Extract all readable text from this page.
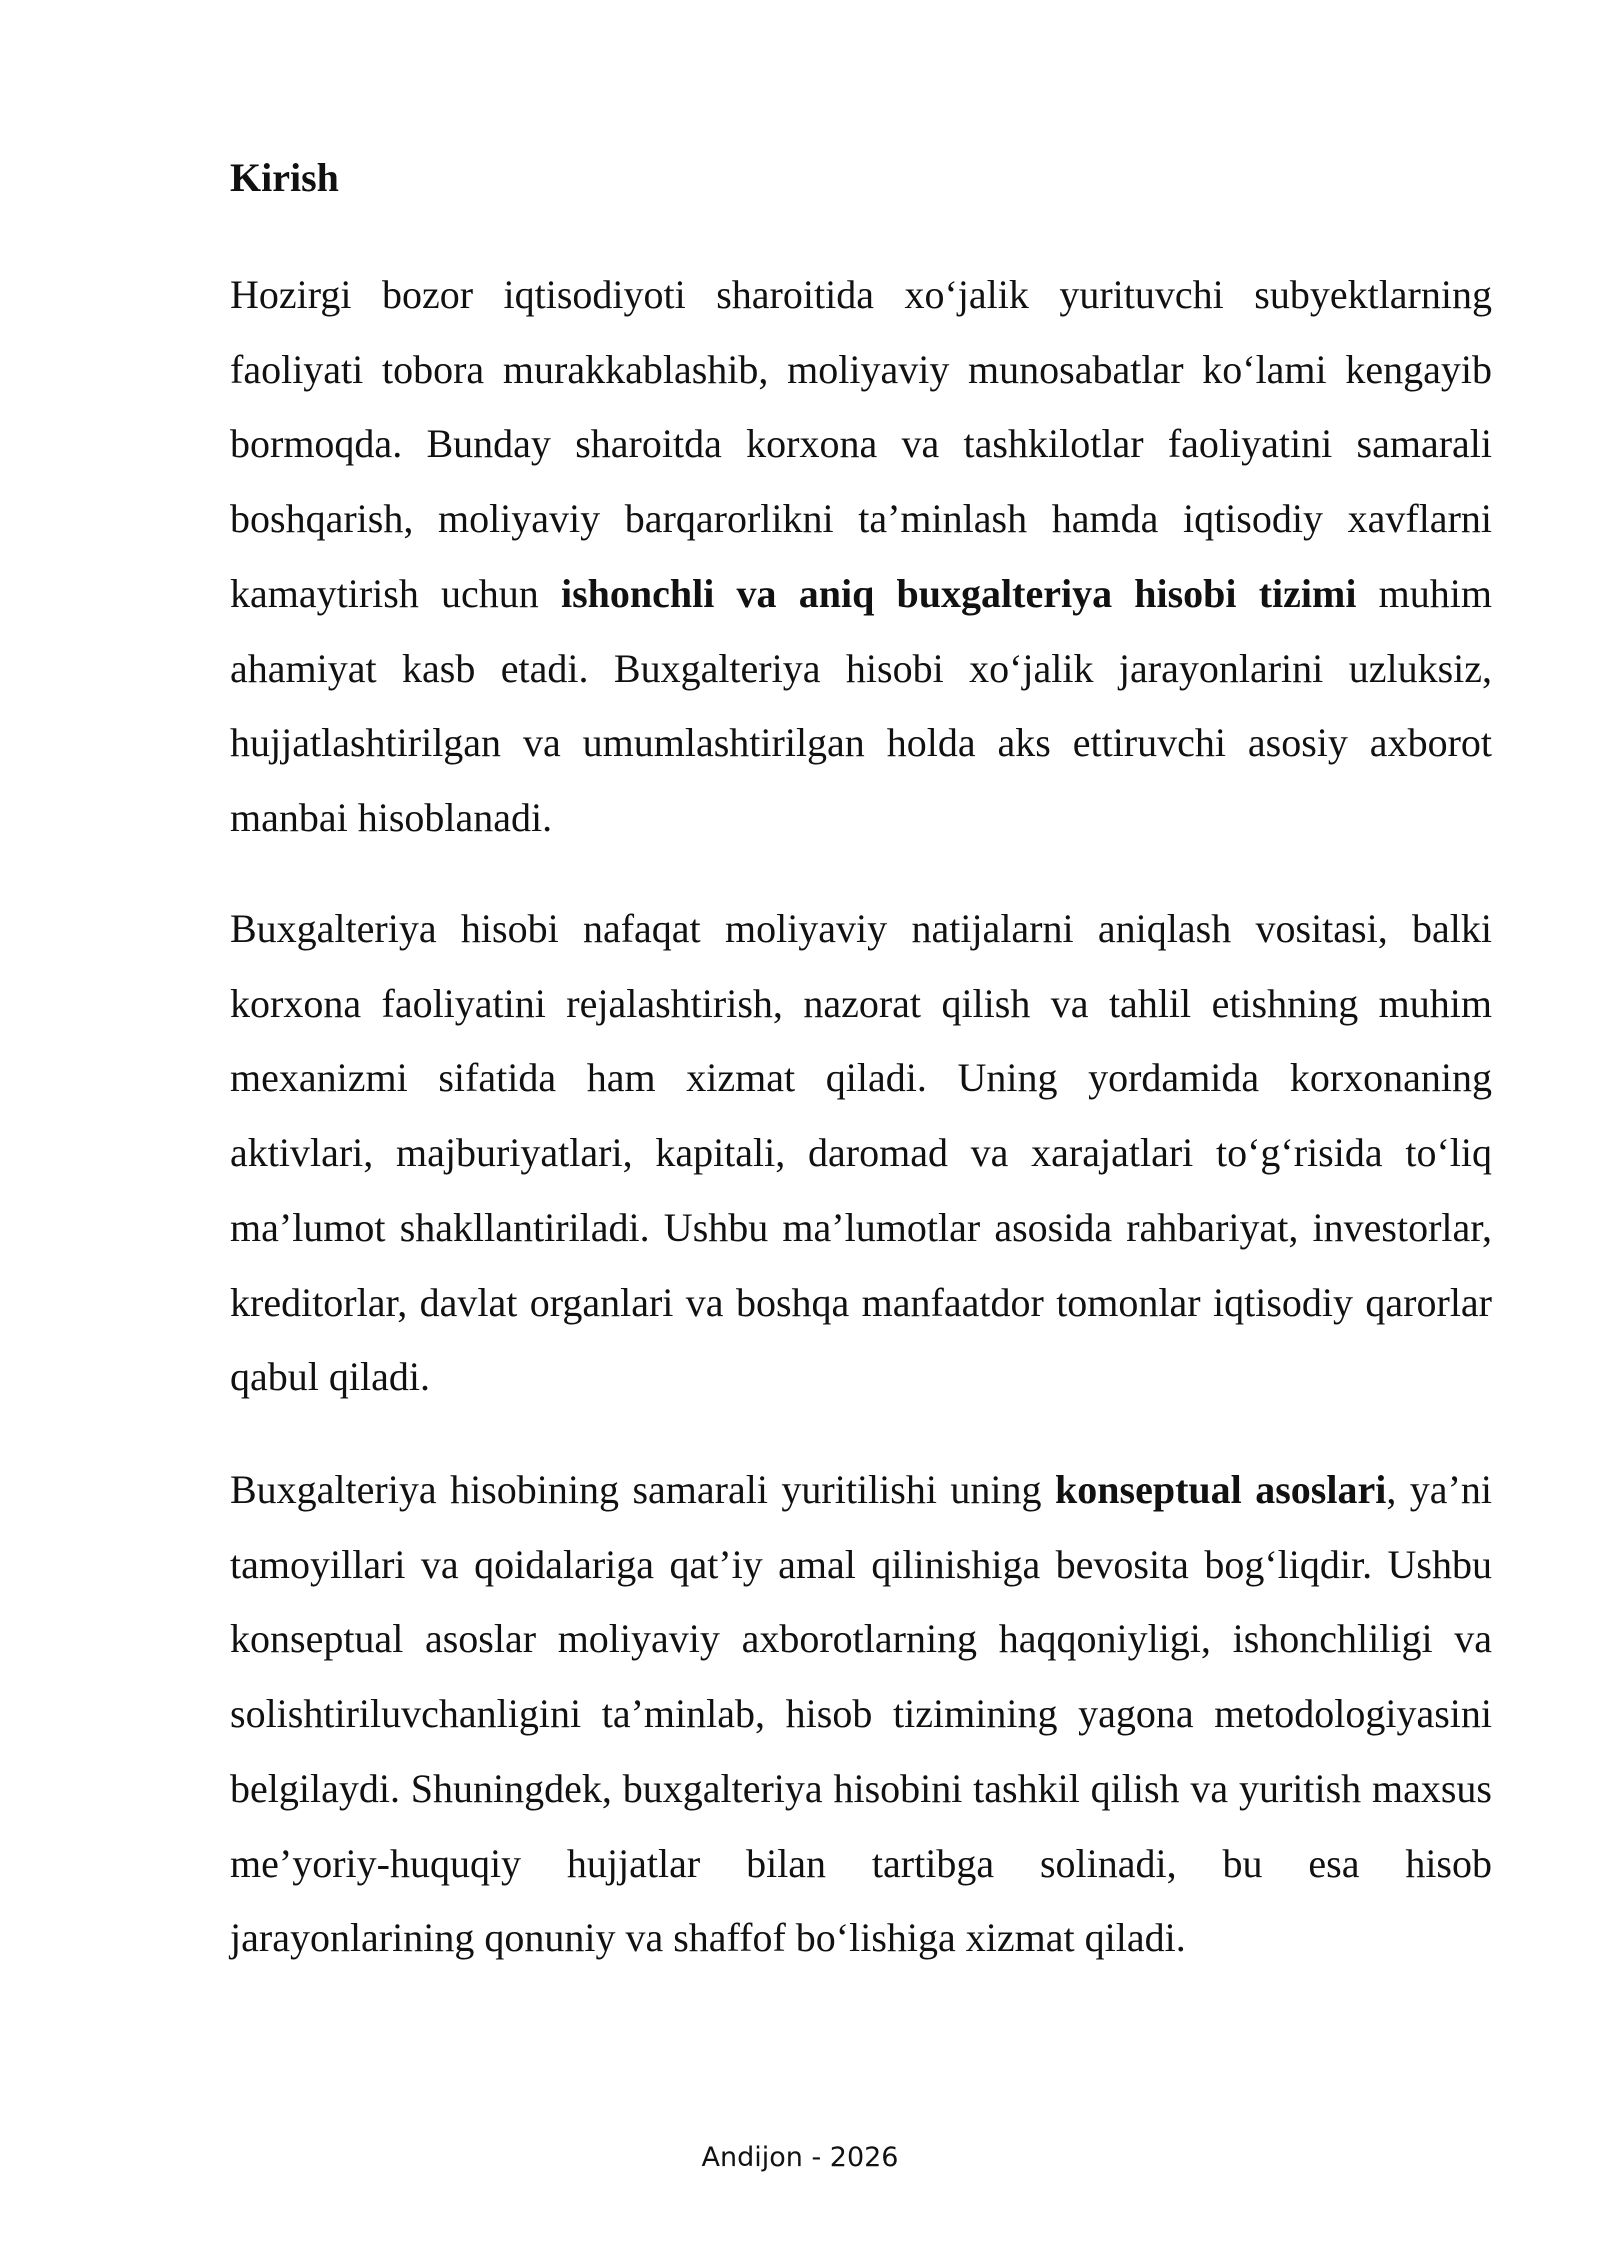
Kirish

Hozirgi bozor iqtisodiyoti sharoitida xo‘jalik yurituvchi subyektlarning faoliyati tobora murakkablashib, moliyaviy munosabatlar ko‘lami kengayib bormoqda. Bunday sharoitda korxona va tashkilotlar faoliyatini samarali boshqarish, moliyaviy barqarorlikni ta’minlash hamda iqtisodiy xavflarni kamaytirish uchun ishonchli va aniq buxgalteriya hisobi tizimi muhim ahamiyat kasb etadi. Buxgalteriya hisobi xo‘jalik jarayonlarini uzluksiz, hujjatlashtirilgan va umumlashtirilgan holda aks ettiruvchi asosiy axborot manbai hisoblanadi.

Buxgalteriya hisobi nafaqat moliyaviy natijalarni aniqlash vositasi, balki korxona faoliyatini rejalashtirish, nazorat qilish va tahlil etishning muhim mexanizmi sifatida ham xizmat qiladi. Uning yordamida korxonaning aktivlari, majburiyatlari, kapitali, daromad va xarajatlari to‘g‘risida to‘liq ma’lumot shakllantiriladi. Ushbu ma’lumotlar asosida rahbariyat, investorlar, kreditorlar, davlat organlari va boshqa manfaatdor tomonlar iqtisodiy qarorlar qabul qiladi.

Buxgalteriya hisobining samarali yuritilishi uning konseptual asoslari, ya’ni tamoyillari va qoidalariga qat’iy amal qilinishiga bevosita bog‘liqdir. Ushbu konseptual asoslar moliyaviy axborotlarning haqqoniyligi, ishonchliligi va solishtiriluvchanligini ta’minlab, hisob tizimining yagona metodologiyasini belgilaydi. Shuningdek, buxgalteriya hisobini tashkil qilish va yuritish maxsus me’yoriy-huquqiy hujjatlar bilan tartibga solinadi, bu esa hisob jarayonlarining qonuniy va shaffof bo‘lishiga xizmat qiladi.

Andijon - 2026
